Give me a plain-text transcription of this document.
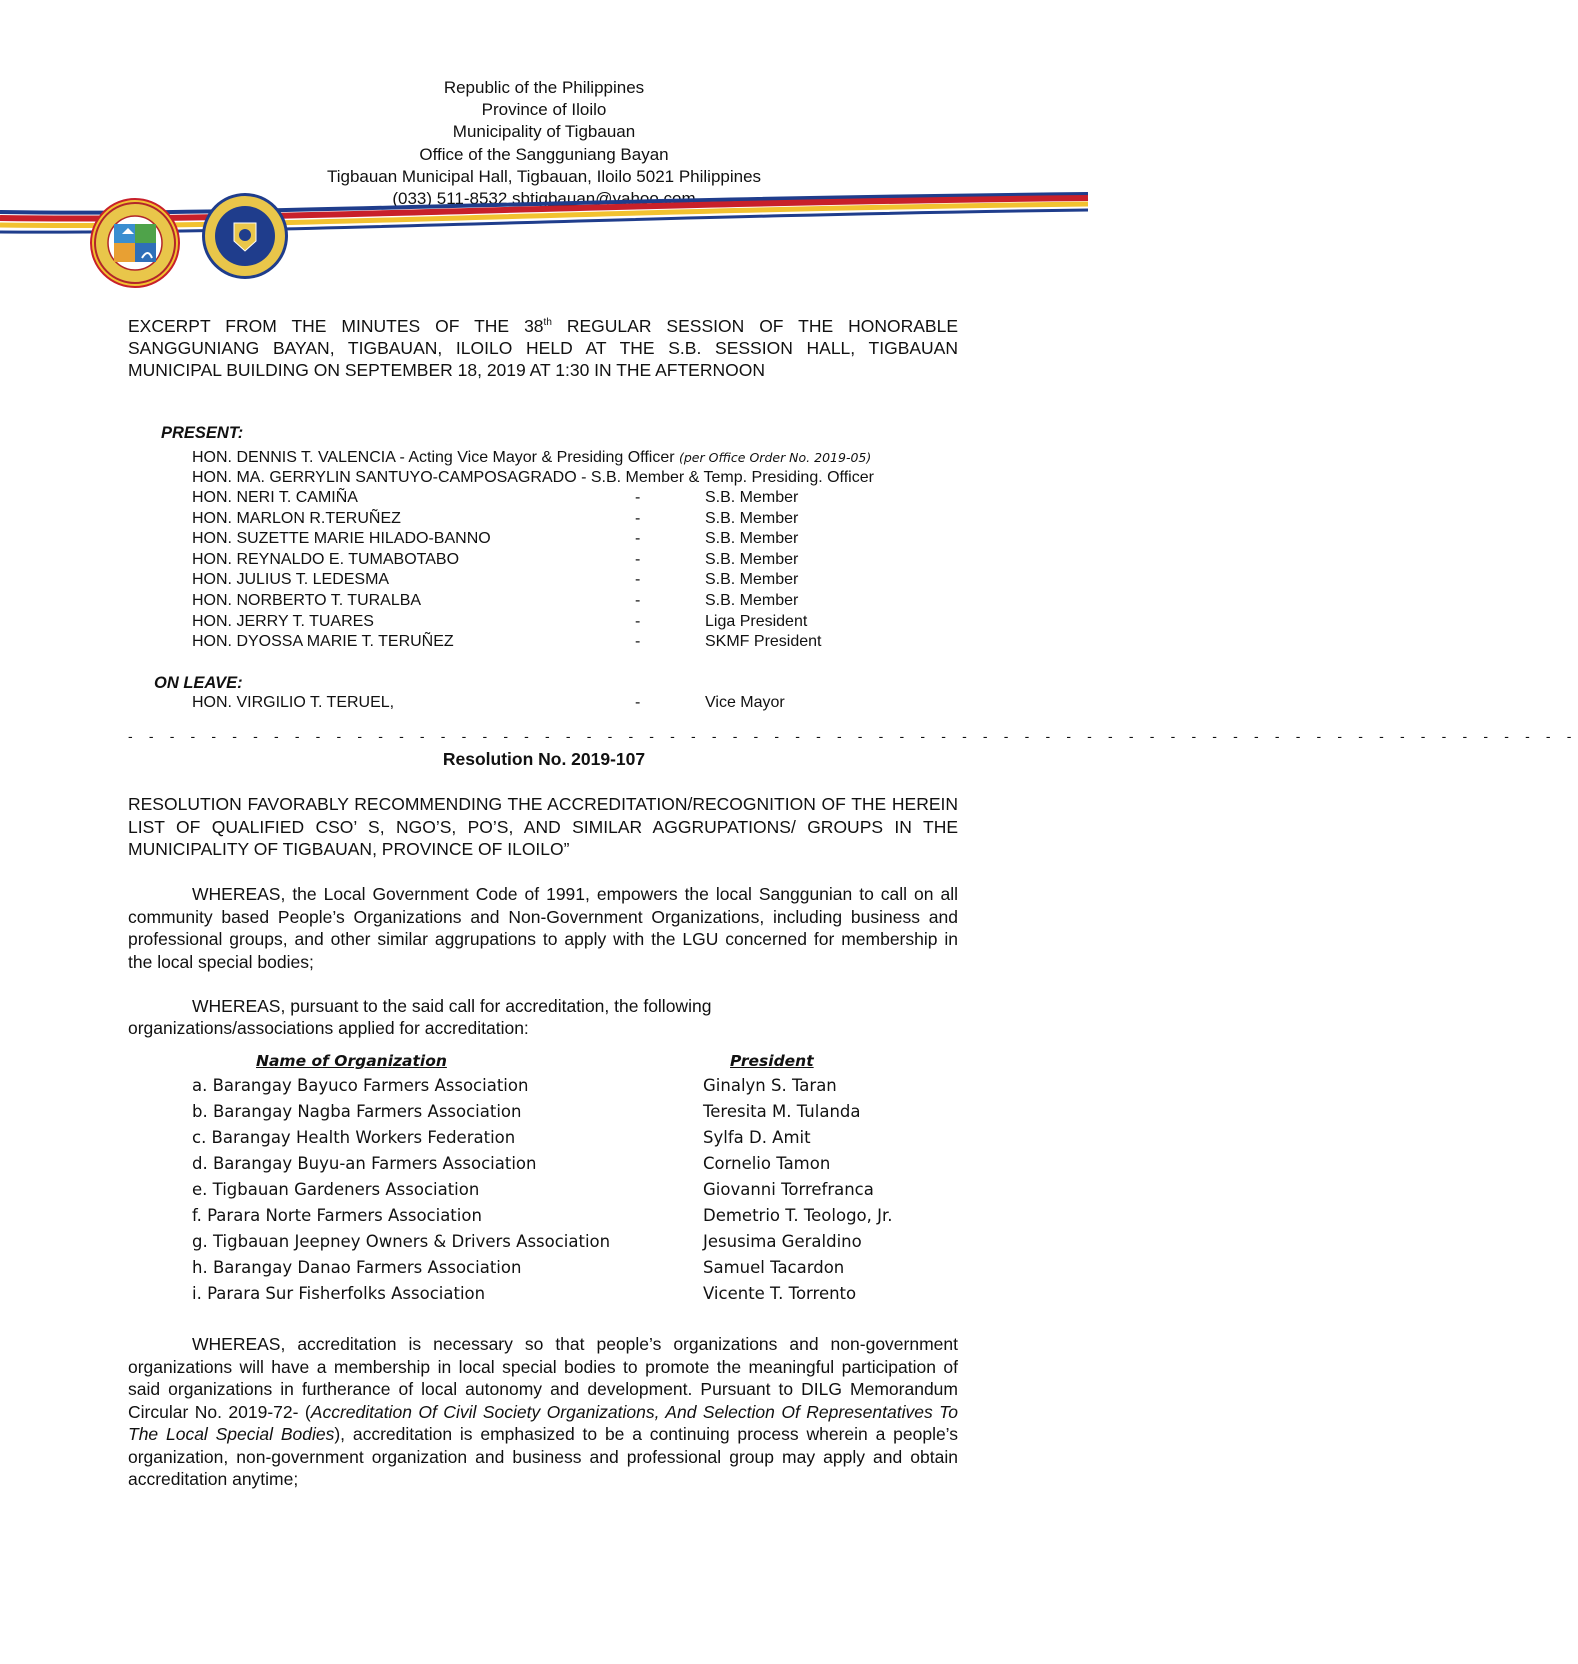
Republic of the Philippines
Province of Iloilo
Municipality of Tigbauan
Office of the Sangguniang Bayan
Tigbauan Municipal Hall, Tigbauan, Iloilo 5021 Philippines
(033) 511-8532 sbtigbauan@yahoo.com
EXCERPT FROM THE MINUTES OF THE 38th REGULAR SESSION OF THE HONORABLE SANGGUNIANG BAYAN, TIGBAUAN, ILOILO HELD AT THE S.B. SESSION HALL, TIGBAUAN MUNICIPAL BUILDING ON SEPTEMBER 18, 2019 AT 1:30 IN THE AFTERNOON
PRESENT:
HON. DENNIS T. VALENCIA - Acting Vice Mayor & Presiding Officer (per Office Order No. 2019-05)
HON. MA. GERRYLIN SANTUYO-CAMPOSAGRADO - S.B. Member & Temp. Presiding. Officer
HON. NERI T. CAMIÑA	-	S.B. Member
HON. MARLON R.TERUÑEZ	-	S.B. Member
HON. SUZETTE MARIE HILADO-BANNO	-	S.B. Member
HON. REYNALDO E. TUMABOTABO	-	S.B. Member
HON. JULIUS T. LEDESMA	-	S.B. Member
HON. NORBERTO T. TURALBA	-	S.B. Member
HON. JERRY T. TUARES	-	Liga President
HON. DYOSSA MARIE T. TERUÑEZ	-	SKMF President
ON LEAVE:
HON. VIRGILIO T. TERUEL,	-	Vice Mayor
- - - - - - - - - - - - - - - - - - - - - - - - - - - - - - - - - - - - - - - - - - - - - - - - - - - - - - - - - - - - - - - - - - - - - -
Resolution No. 2019-107
RESOLUTION FAVORABLY RECOMMENDING THE ACCREDITATION/RECOGNITION OF THE HEREIN LIST OF QUALIFIED CSO’ S, NGO’S, PO’S, AND SIMILAR AGGRUPATIONS/ GROUPS IN THE MUNICIPALITY OF TIGBAUAN, PROVINCE OF ILOILO”
WHEREAS, the Local Government Code of 1991, empowers the local Sanggunian to call on all community based People’s Organizations and Non-Government Organizations, including business and professional groups, and other similar aggrupations to apply with the LGU concerned for membership in the local special bodies;
WHEREAS, pursuant to the said call for accreditation, the following
organizations/associations applied for accreditation:
Name of Organization	President
a. Barangay Bayuco Farmers Association	Ginalyn S. Taran
b. Barangay Nagba Farmers Association	Teresita M. Tulanda
c. Barangay Health Workers Federation	Sylfa D. Amit
d. Barangay Buyu-an Farmers Association	Cornelio Tamon
e. Tigbauan Gardeners Association	Giovanni Torrefranca
f. Parara Norte Farmers Association	Demetrio T. Teologo, Jr.
g. Tigbauan Jeepney Owners & Drivers Association	Jesusima Geraldino
h. Barangay Danao Farmers Association	Samuel Tacardon
i. Parara Sur Fisherfolks Association	Vicente T. Torrento
WHEREAS, accreditation is necessary so that people’s organizations and non-government organizations will have a membership in local special bodies to promote the meaningful participation of said organizations in furtherance of local autonomy and development. Pursuant to DILG Memorandum Circular No. 2019-72- (Accreditation Of Civil Society Organizations, And Selection Of Representatives To The Local Special Bodies), accreditation is emphasized to be a continuing process wherein a people’s organization, non-government organization and business and professional group may apply and obtain accreditation anytime;
